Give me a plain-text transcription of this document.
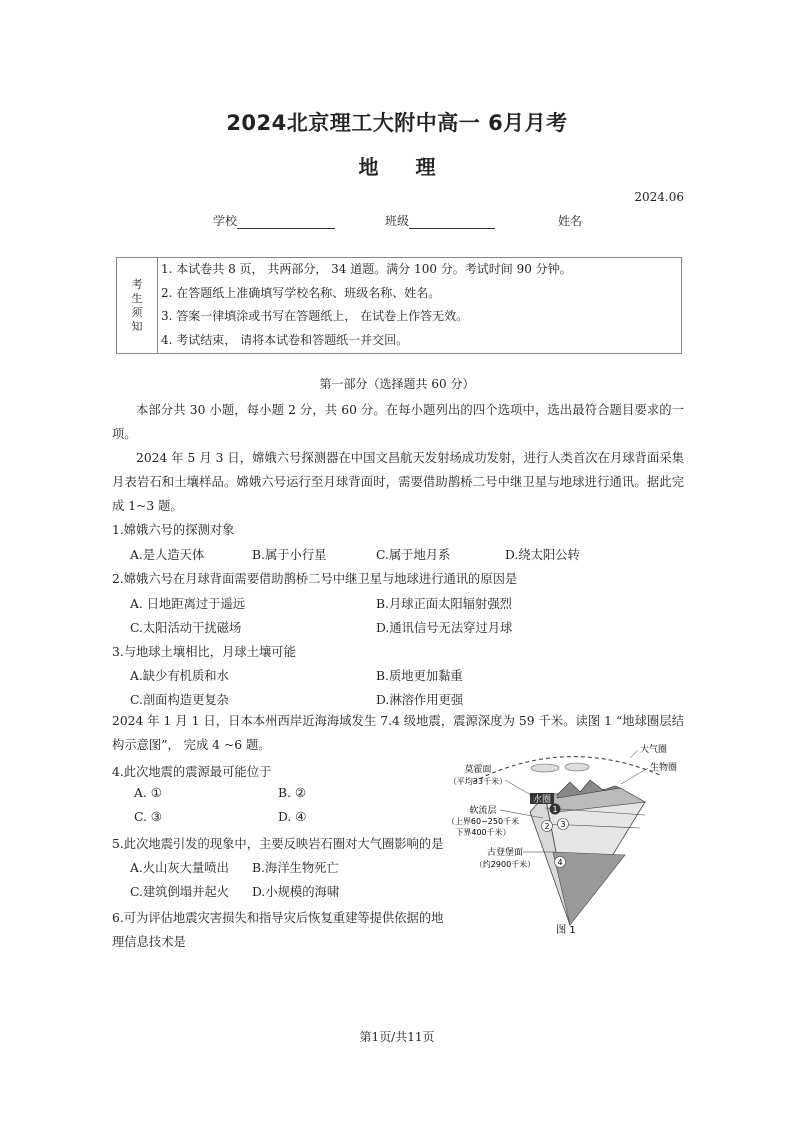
2024北京理工大附中高一 6月月考
地 理
2024.06
学校	班级	姓名
考
生
须
知	
1. 本试卷共 8 页， 共两部分， 34 道题。满分 100 分。考试时间 90 分钟。
2. 在答题纸上准确填写学校名称、班级名称、姓名。
3. 答案一律填涂或书写在答题纸上， 在试卷上作答无效。
4. 考试结束， 请将本试卷和答题纸一并交回。
第一部分（选择题共 60 分）
本部分共 30 小题，每小题 2 分，共 60 分。在每小题列出的四个选项中，选出最符合题目要求的一项。
2024 年 5 月 3 日，嫦娥六号探测器在中国文昌航天发射场成功发射，进行人类首次在月球背面采集月表岩石和土壤样品。嫦娥六号运行至月球背面时，需要借助鹊桥二号中继卫星与地球进行通讯。据此完成 1~3 题。
1.嫦娥六号的探测对象
A.是人造天体	B.属于小行星	C.属于地月系	D.绕太阳公转
2.嫦娥六号在月球背面需要借助鹊桥二号中继卫星与地球进行通讯的原因是
A. 日地距离过于遥远	B.月球正面太阳辐射强烈
C.太阳活动干扰磁场	D.通讯信号无法穿过月球
3.与地球土壤相比，月球土壤可能
A.缺少有机质和水	B.质地更加黏重
C.剖面构造更复杂	D.淋溶作用更强
2024 年 1 月 1 日，日本本州西岸近海海域发生 7.4 级地震，震源深度为 59 千米。读图 1 “地球圈层结构示意图”， 完成 4 ~6 题。
4.此次地震的震源最可能位于
A. ①	B. ②
C. ③	D. ④
5.此次地震引发的现象中，主要反映岩石圈对大气圈影响的是
A.火山灰大量喷出 B.海洋生物死亡
C.建筑倒塌并起火 D.小规模的海啸
6.可为评估地震灾害损失和指导灾后恢复重建等提供依据的地理信息技术是
水圈
1
2 3
4
大气圈
生物圈
莫霍面
（平均33千米）
软流层
（上界60~250千米
下界400千米）
古登堡面
（约2900千米）
图 1
第1页/共11页
